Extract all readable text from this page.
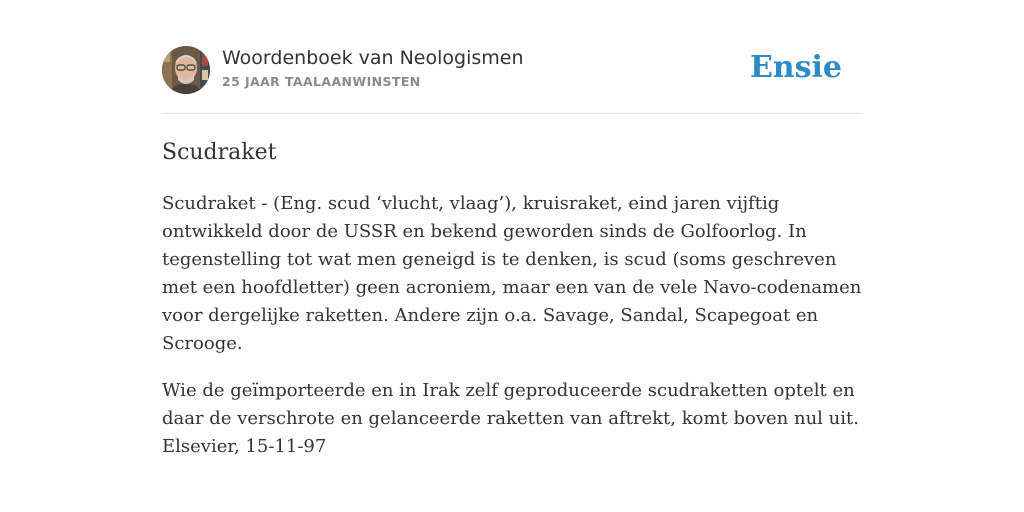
Woordenboek van Neologismen
25 JAAR TAALAANWINSTEN	Ensie
Scudraket

Scudraket - (Eng. scud ‘vlucht, vlaag’), kruisraket, eind jaren vijftig ontwikkeld door de USSR en bekend geworden sinds de Golfoorlog. In tegenstelling tot wat men geneigd is te denken, is scud (soms geschreven met een hoofdletter) geen acroniem, maar een van de vele Navo-codenamen voor dergelijke raketten. Andere zijn o.a. Savage, Sandal, Scapegoat en Scrooge.

Wie de geïmporteerde en in Irak zelf geproduceerde scudraketten optelt en daar de verschrote en gelanceerde raketten van aftrekt, komt boven nul uit. Elsevier, 15-11-97
